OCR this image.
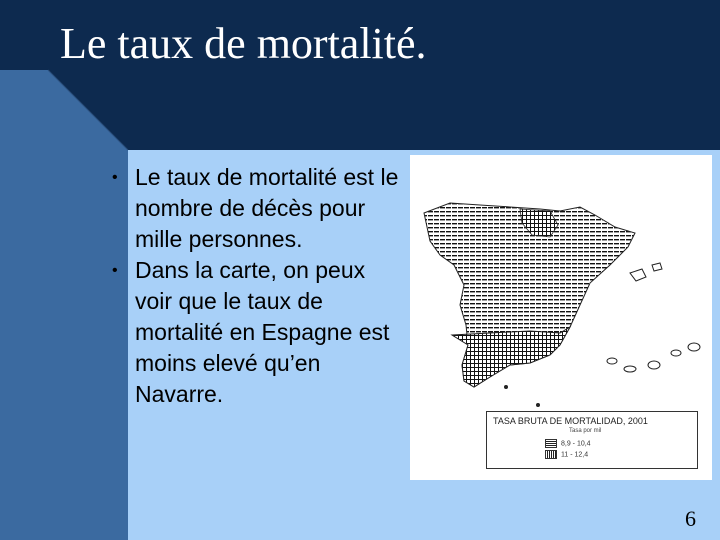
Le taux de mortalité.
• Le taux de mortalité est le nombre de décès pour mille personnes.
• Dans la carte, on peux voir que le taux de mortalité en Espagne est moins elevé qu’en Navarre.
TASA BRUTA DE MORTALIDAD, 2001
Tasa por mil
8,9 - 10,4
11 - 12,4
6
